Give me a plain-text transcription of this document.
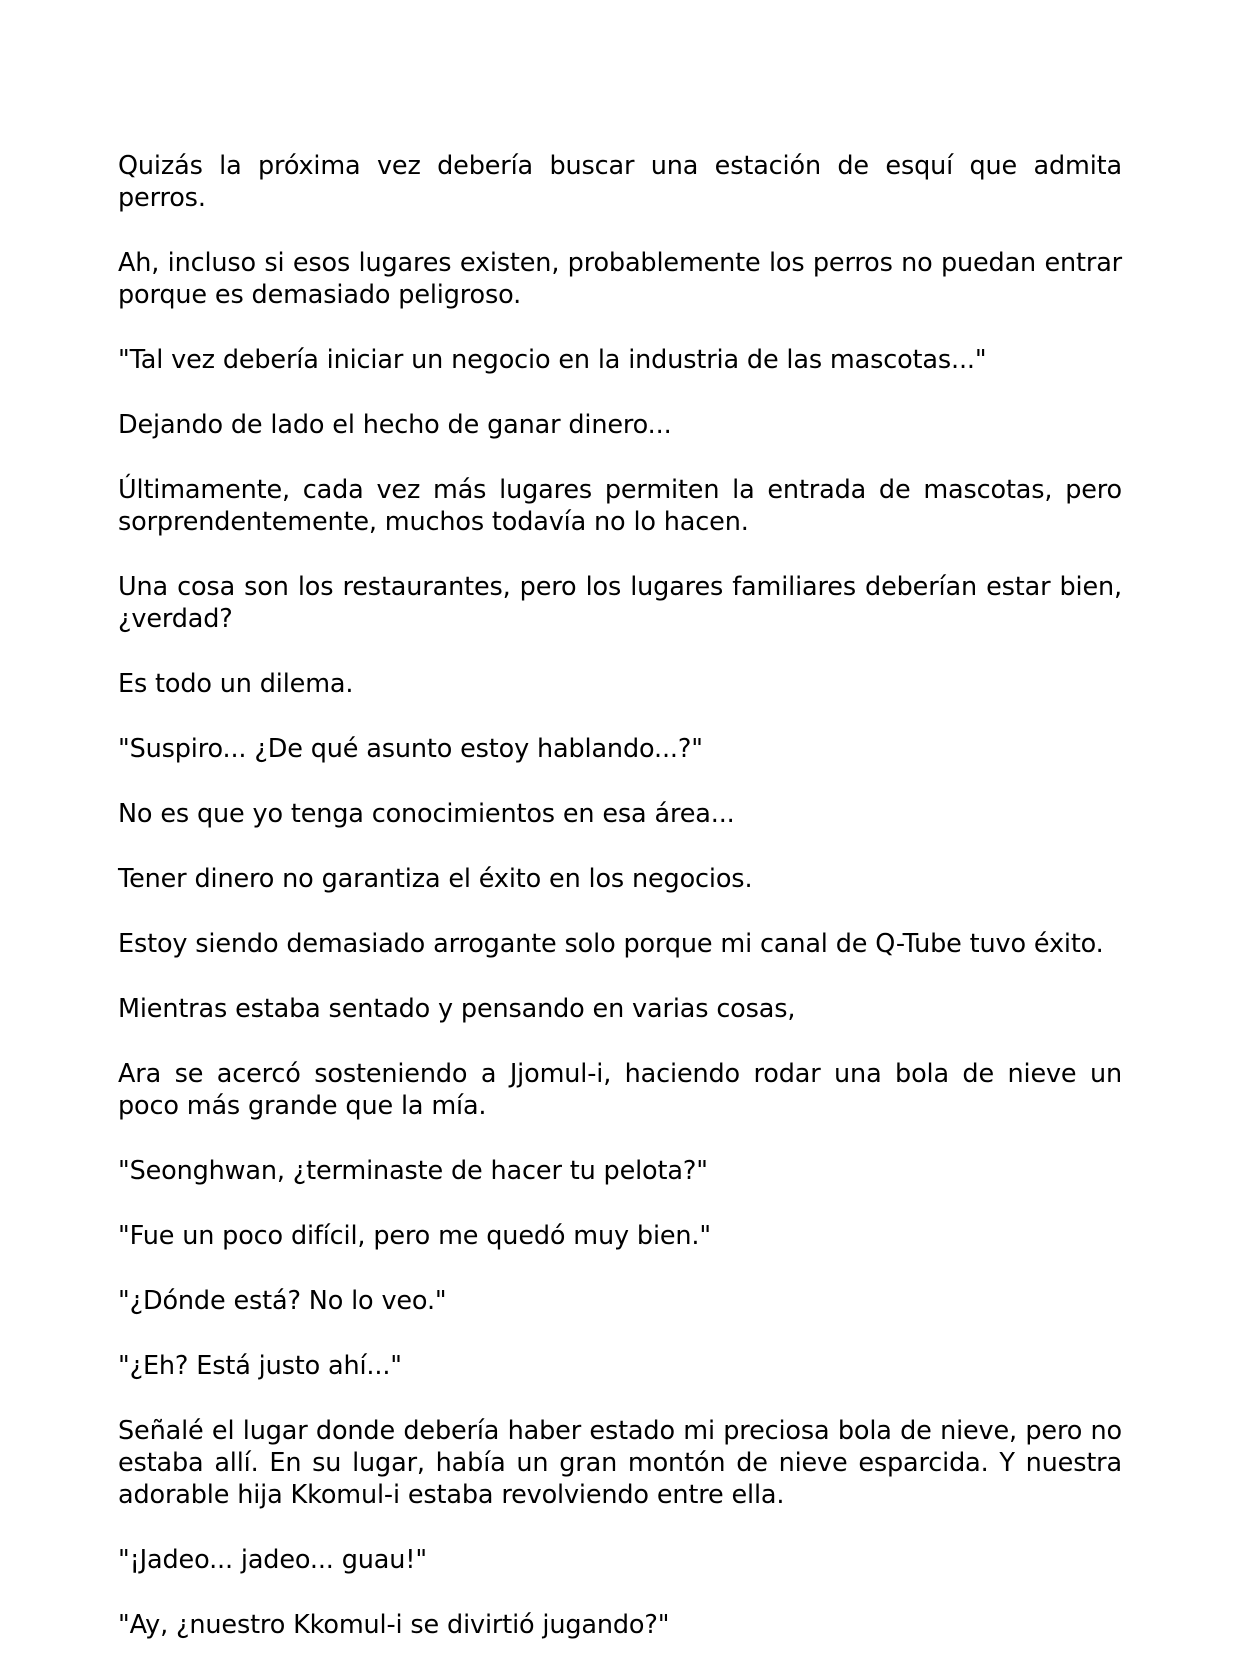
Quizás la próxima vez debería buscar una estación de esquí que admita perros.

Ah, incluso si esos lugares existen, probablemente los perros no puedan entrar porque es demasiado peligroso.

"Tal vez debería iniciar un negocio en la industria de las mascotas..."

Dejando de lado el hecho de ganar dinero...

Últimamente, cada vez más lugares permiten la entrada de mascotas, pero sorprendentemente, muchos todavía no lo hacen.

Una cosa son los restaurantes, pero los lugares familiares deberían estar bien, ¿verdad?

Es todo un dilema.

"Suspiro... ¿De qué asunto estoy hablando...?"

No es que yo tenga conocimientos en esa área...

Tener dinero no garantiza el éxito en los negocios.

Estoy siendo demasiado arrogante solo porque mi canal de Q-Tube tuvo éxito.

Mientras estaba sentado y pensando en varias cosas,

Ara se acercó sosteniendo a Jjomul-i, haciendo rodar una bola de nieve un poco más grande que la mía.

"Seonghwan, ¿terminaste de hacer tu pelota?"

"Fue un poco difícil, pero me quedó muy bien."

"¿Dónde está? No lo veo."

"¿Eh? Está justo ahí..."

Señalé el lugar donde debería haber estado mi preciosa bola de nieve, pero no estaba allí. En su lugar, había un gran montón de nieve esparcida. Y nuestra adorable hija Kkomul-i estaba revolviendo entre ella.

"¡Jadeo... jadeo... guau!"

"Ay, ¿nuestro Kkomul-i se divirtió jugando?"
